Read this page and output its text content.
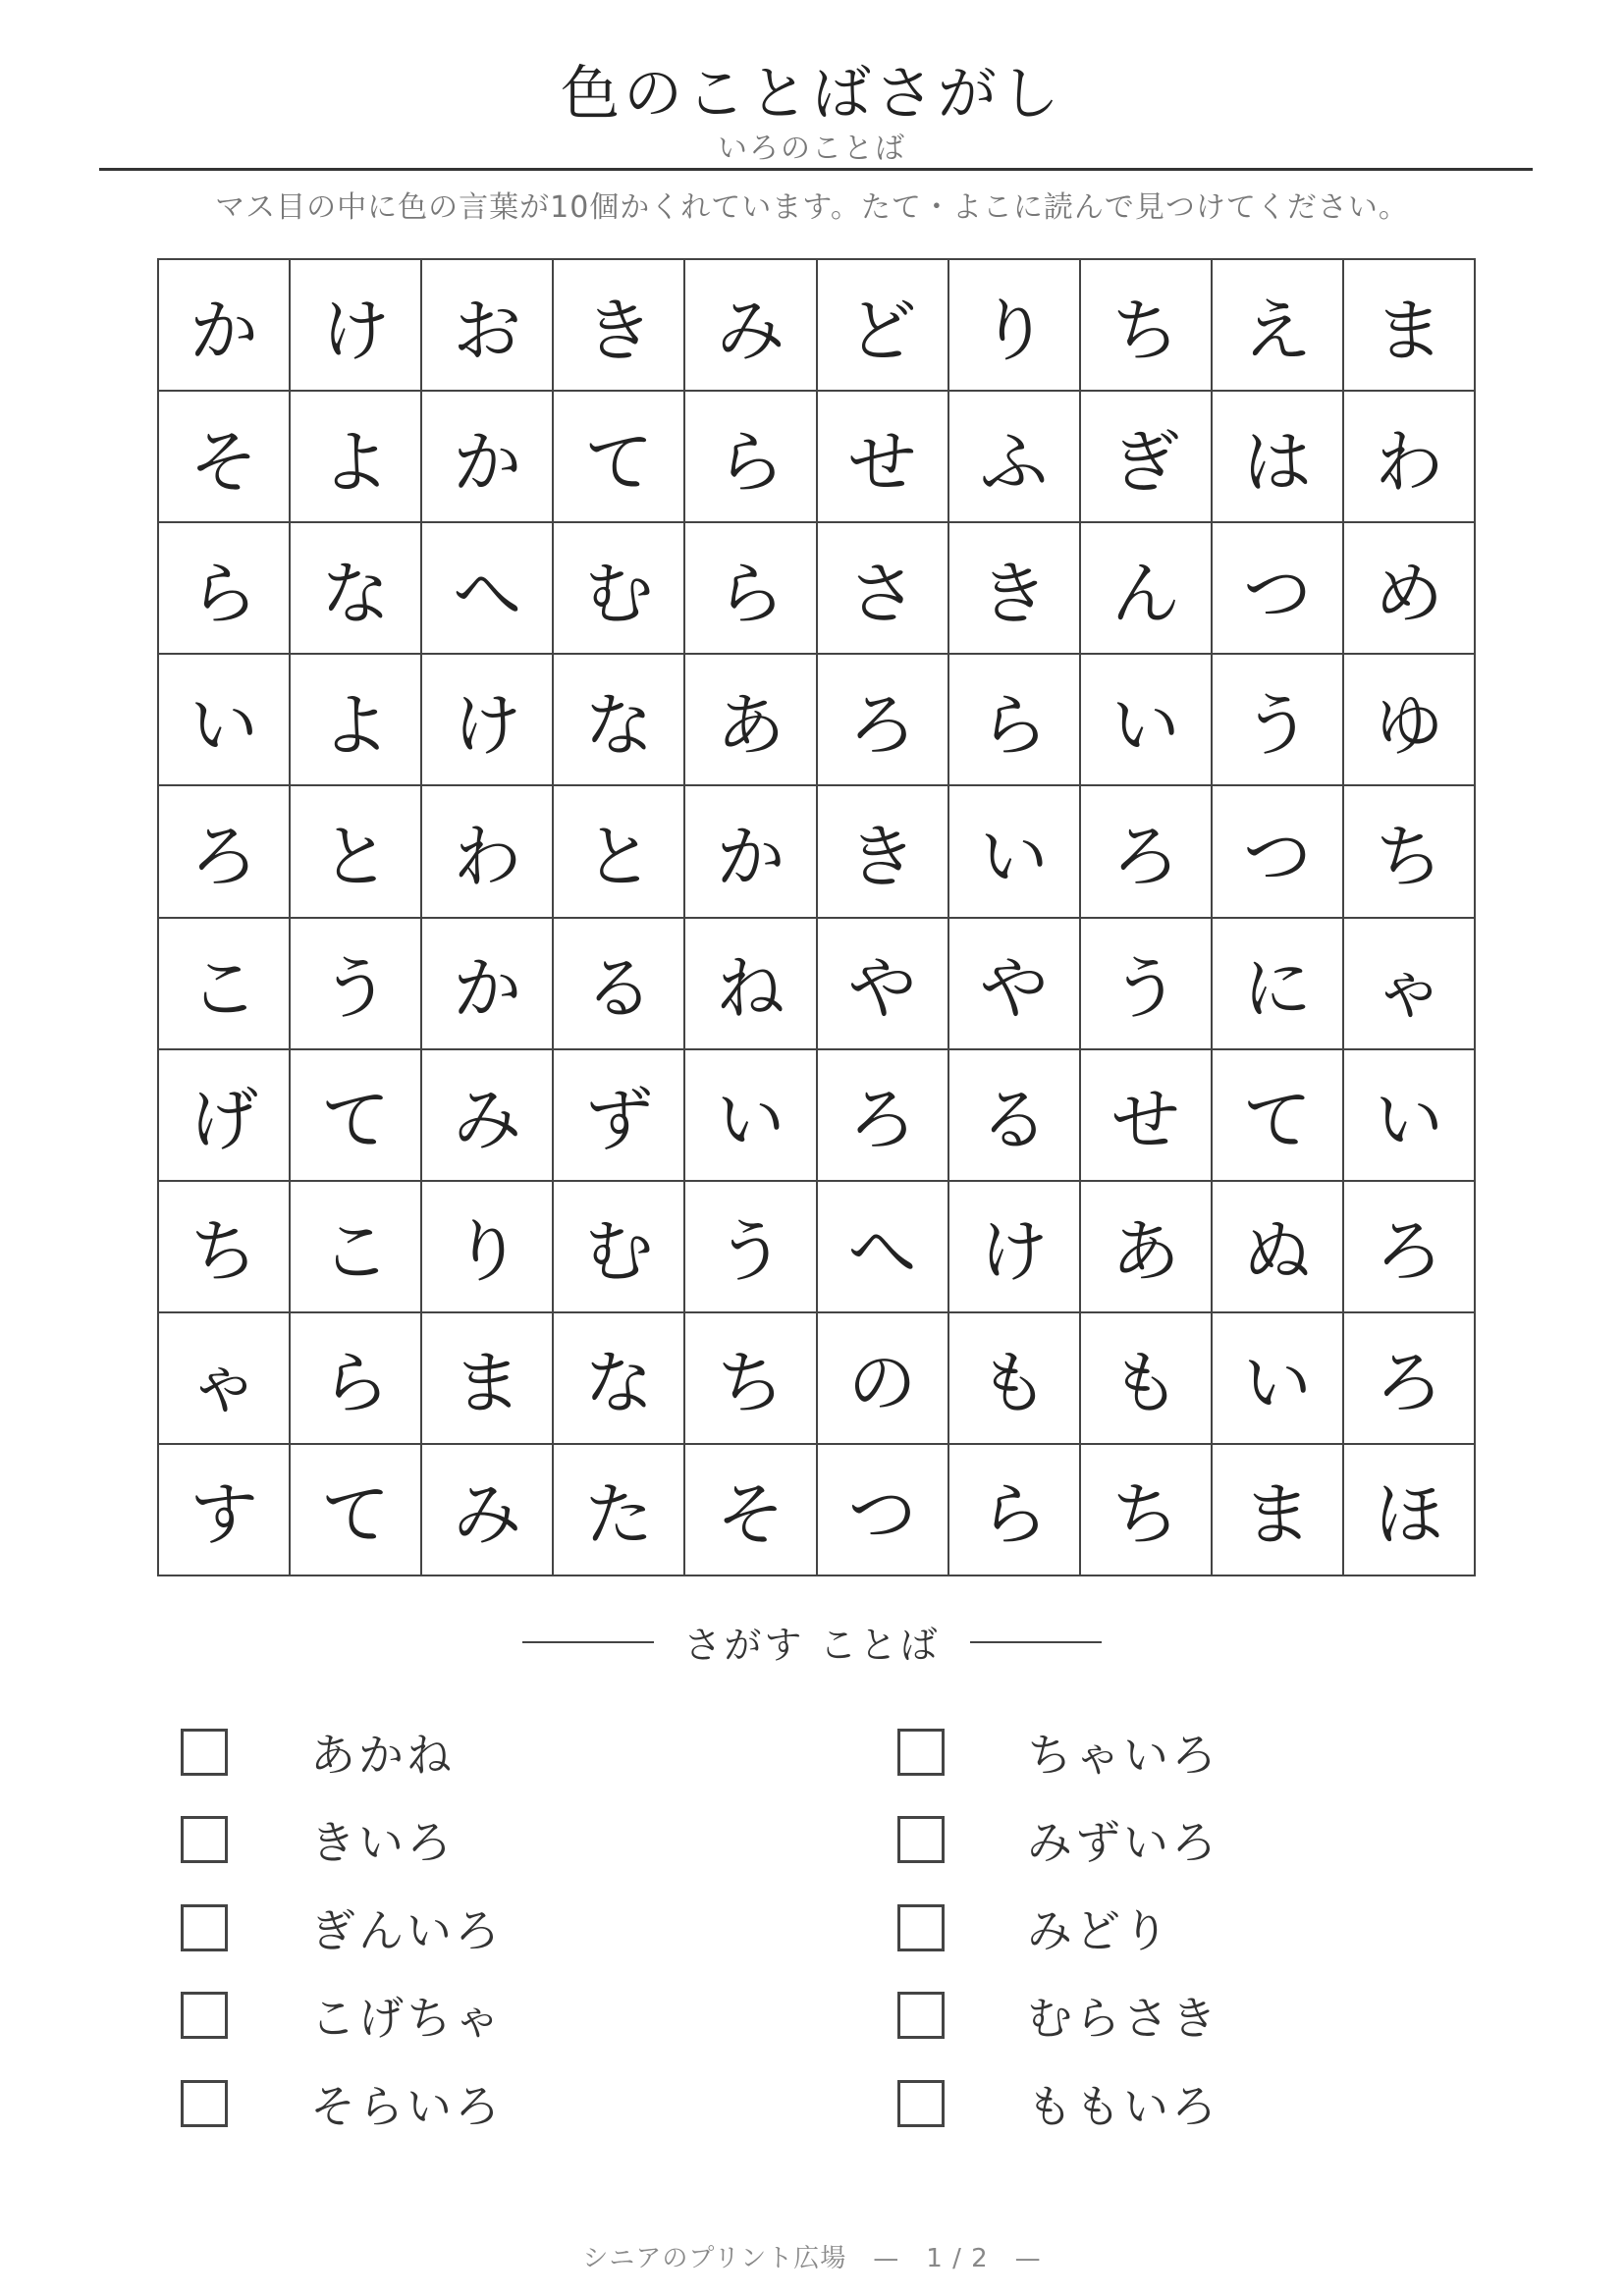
色のことばさがし
いろのことば
マス目の中に色の言葉が10個かくれています。たて・よこに読んで見つけてください。
か け お き み ど り ち え ま
そ よ か て ら せ ふ ぎ は わ
ら な へ む ら さ き ん つ め
い よ け な あ ろ ら い う ゆ
ろ と わ と か き い ろ つ ち
こ う か る ね や や う に ゃ
げ て み ず い ろ る せ て い
ち こ り む う へ け あ ぬ ろ
ゃ ら ま な ち の も も い ろ
す て み た そ つ ら ち ま ほ
さがす ことば
あかね
きいろ
ぎんいろ
こげちゃ
そらいろ
ちゃいろ
みずいろ
みどり
むらさき
ももいろ
シニアのプリント広場　—　1 / 2　—
